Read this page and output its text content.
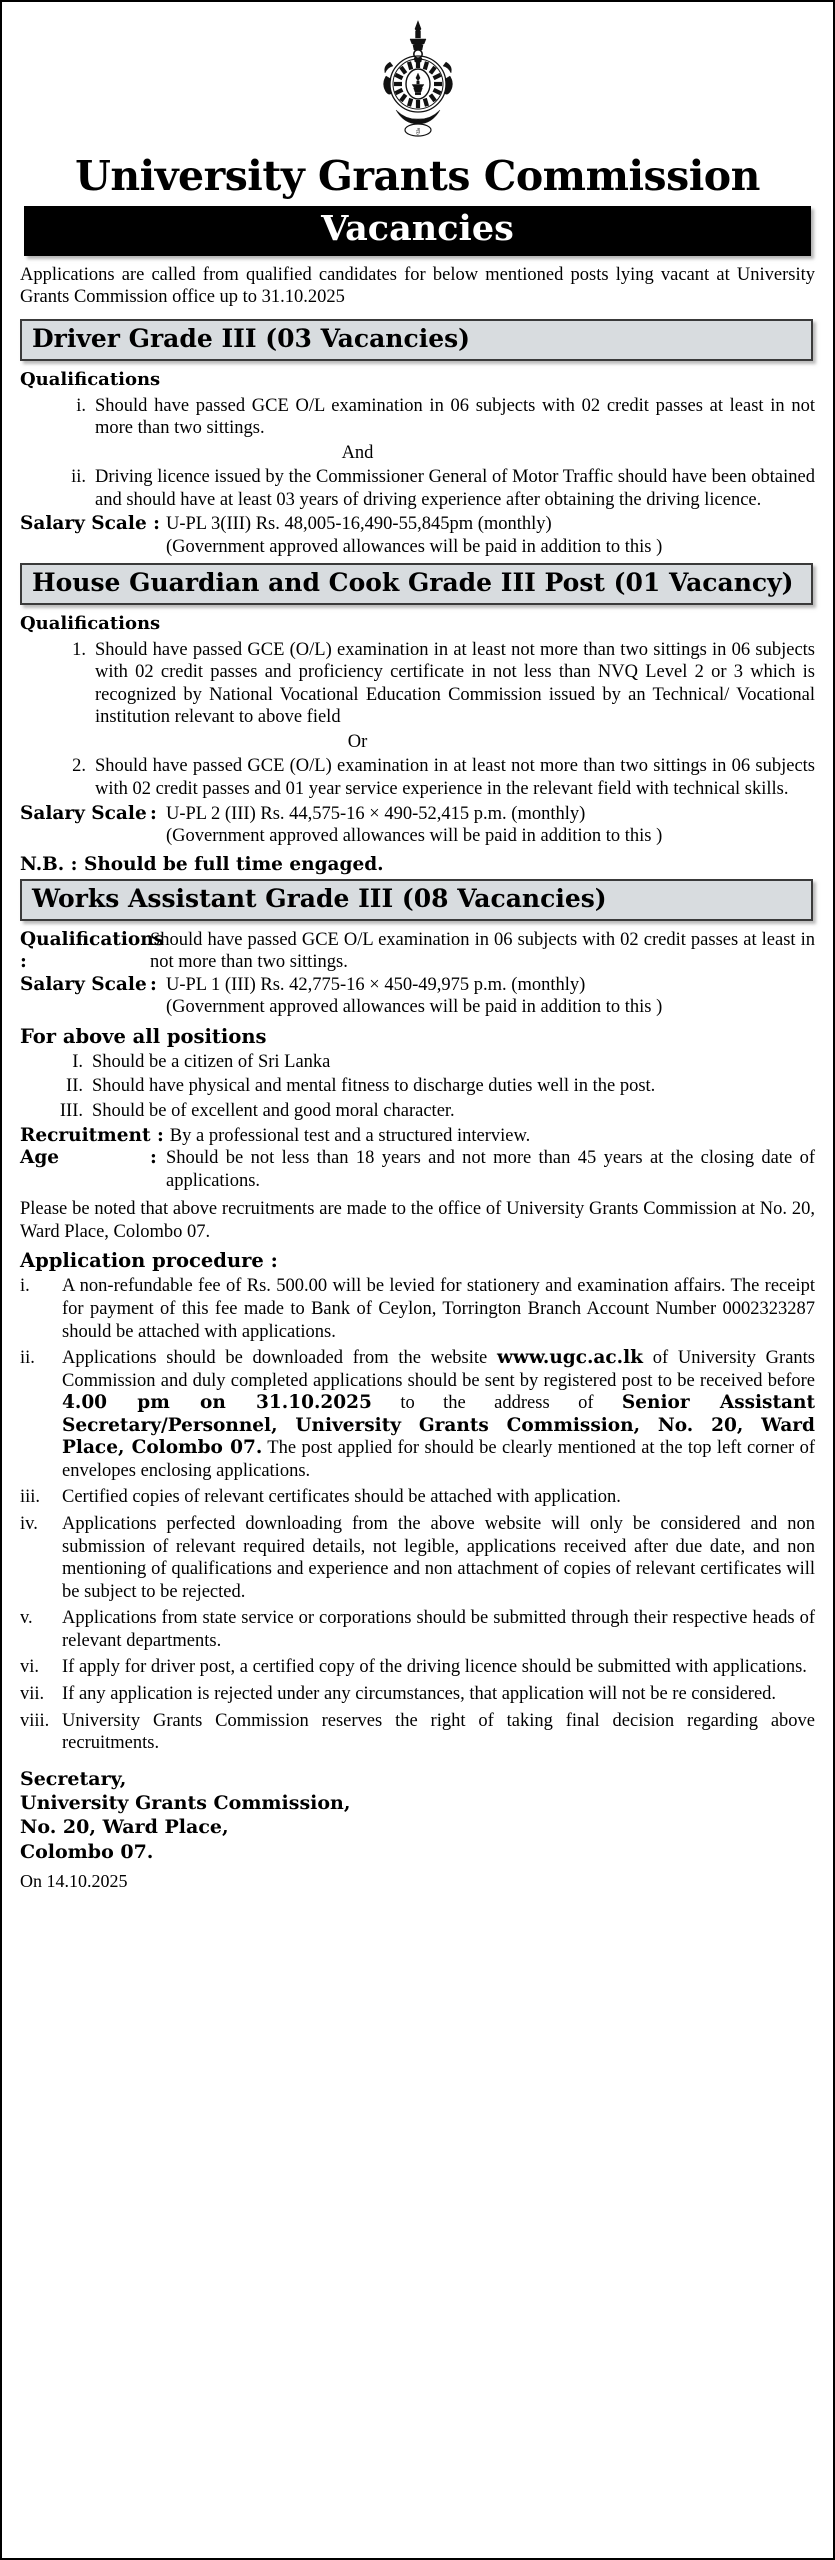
ශ්‍රී
University Grants Commission
Vacancies
Applications are called from qualified candidates for below mentioned posts lying vacant at University Grants Commission office up to 31.10.2025
Driver Grade III (03 Vacancies)
Qualifications
i. Should have passed GCE O/L examination in 06 subjects with 02 credit passes at least in not more than two sittings.
And
ii. Driving licence issued by the Commissioner General of Motor Traffic should have been obtained and should have at least 03 years of driving experience after obtaining the driving licence.
Salary Scale : U-PL 3(III) Rs. 48,005-16,490-55,845pm (monthly)
(Government approved allowances will be paid in addition to this )
House Guardian and Cook Grade III Post (01 Vacancy)
Qualifications
1. Should have passed GCE (O/L) examination in at least not more than two sittings in 06 subjects with 02 credit passes and proficiency certificate in not less than NVQ Level 2 or 3 which is recognized by National Vocational Education Commission issued by an Technical/ Vocational institution relevant to above field
Or
2. Should have passed GCE (O/L) examination in at least not more than two sittings in 06 subjects with 02 credit passes and 01 year service experience in the relevant field with technical skills.
Salary Scale : U-PL 2 (III) Rs. 44,575-16 × 490-52,415 p.m. (monthly)
(Government approved allowances will be paid in addition to this )
N.B. : Should be full time engaged.
Works Assistant Grade III (08 Vacancies)
Qualifications :
Should have passed GCE O/L examination in 06 subjects with 02 credit passes at least in not more than two sittings.
Salary Scale : U-PL 1 (III) Rs. 42,775-16 × 450-49,975 p.m. (monthly)
(Government approved allowances will be paid in addition to this )
For above all positions
I. Should be a citizen of Sri Lanka
II. Should have physical and mental fitness to discharge duties well in the post.
III. Should be of excellent and good moral character.
Recruitment : By a professional test and a structured interview.
Age	: Should be not less than 18 years and not more than 45 years at the closing date of applications.
Please be noted that above recruitments are made to the office of University Grants Commission at No. 20, Ward Place, Colombo 07.
Application procedure :
i.	A non-refundable fee of Rs. 500.00 will be levied for stationery and examination affairs. The receipt for payment of this fee made to Bank of Ceylon, Torrington Branch Account Number 0002323287 should be attached with applications.
ii.	Applications should be downloaded from the website www.ugc.ac.lk of University Grants Commission and duly completed applications should be sent by registered post to be received before 4.00 pm on 31.10.2025 to the address of Senior Assistant Secretary/Personnel, University Grants Commission, No. 20, Ward Place, Colombo 07. The post applied for should be clearly mentioned at the top left corner of envelopes enclosing applications.
iii.	Certified copies of relevant certificates should be attached with application.
iv.	Applications perfected downloading from the above website will only be considered and non submission of relevant required details, not legible, applications received after due date, and non mentioning of qualifications and experience and non attachment of copies of relevant certificates will be subject to be rejected.
v.	Applications from state service or corporations should be submitted through their respective heads of relevant departments.
vi.	If apply for driver post, a certified copy of the driving licence should be submitted with applications.
vii. If any application is rejected under any circumstances, that application will not be re considered.
viii. University Grants Commission reserves the right of taking final decision regarding above recruitments.
Secretary,
University Grants Commission,
No. 20, Ward Place,
Colombo 07.
On 14.10.2025
